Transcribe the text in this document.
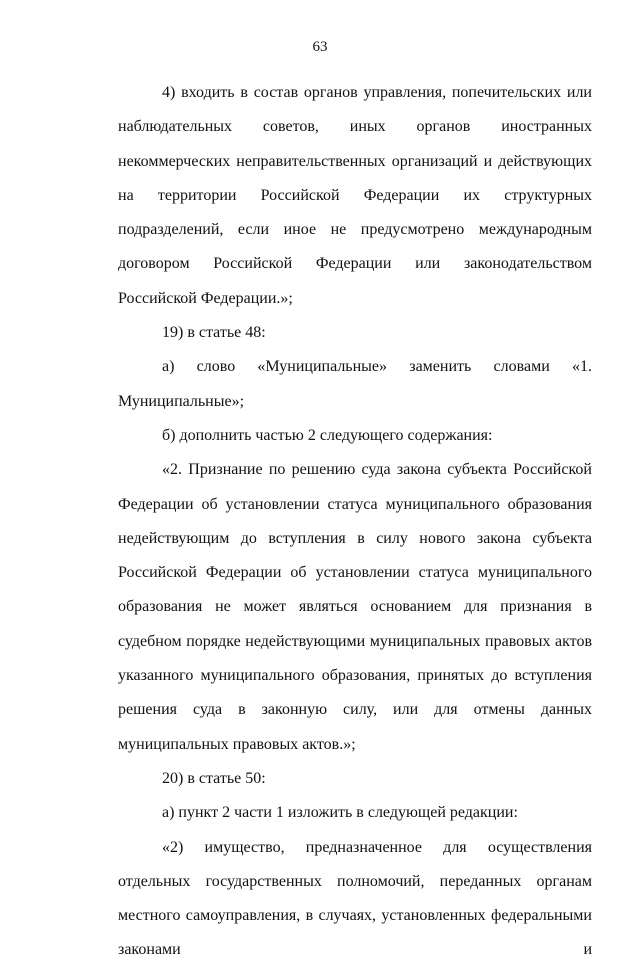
63

4) входить в состав органов управления, попечительских или наблюдательных советов, иных органов иностранных некоммерческих неправительственных организаций и действующих на территории Российской Федерации их структурных подразделений, если иное не предусмотрено международным договором Российской Федерации или законодательством Российской Федерации.»;

19) в статье 48:

а) слово «Муниципальные» заменить словами «1. Муниципальные»;

б) дополнить частью 2 следующего содержания:

«2. Признание по решению суда закона субъекта Российской Федерации об установлении статуса муниципального образования недействующим до вступления в силу нового закона субъекта Российской Федерации об установлении статуса муниципального образования не может являться основанием для признания в судебном порядке недействующими муниципальных правовых актов указанного муниципального образования, принятых до вступления решения суда в законную силу, или для отмены данных муниципальных правовых актов.»;

20) в статье 50:

а) пункт 2 части 1 изложить в следующей редакции:

«2) имущество, предназначенное для осуществления отдельных государственных полномочий, переданных органам местного самоуправления, в случаях, установленных федеральными законами и
